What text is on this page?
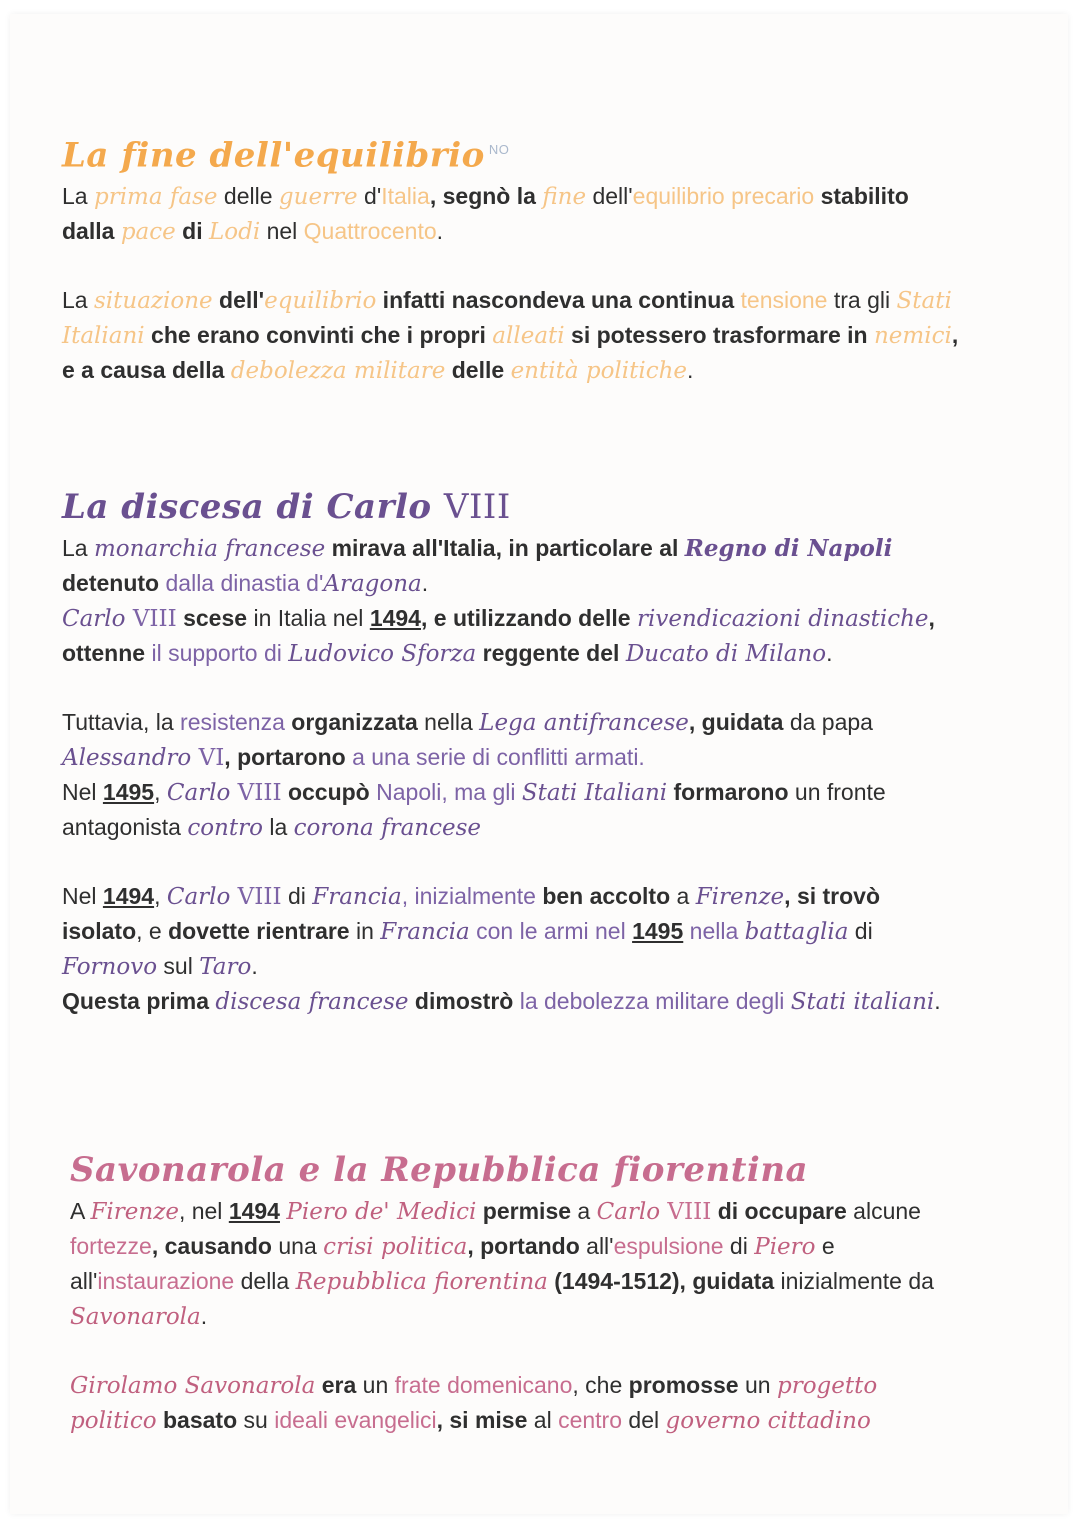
La fine dell'equilibrio $^{NO}$

La prima fase delle guerre d'Italia, segnò la fine dell'equilibrio precario stabilito dalla pace di Lodi nel Quattrocento.

La situazione dell'equilibrio infatti nascondeva una continua tensione tra gli Stati Italiani che erano convinti che i propri alleati si potessero trasformare in nemici, e a causa della debolezza militare delle entità politiche.

La discesa di Carlo VIII

La monarchia francese mirava all'Italia, in particolare al Regno di Napoli detenuto dalla dinastia d'Aragona.
Carlo VIII scese in Italia nel 1494, e utilizzando delle rivendicazioni dinastiche, ottenne il supporto di Ludovico Sforza reggente del Ducato di Milano.

Tuttavia, la resistenza organizzata nella Lega antifrancese, guidata da papa Alessandro VI, portarono a una serie di conflitti armati.
Nel 1495, Carlo VIII occupò Napoli, ma gli Stati Italiani formarono un fronte antagonista contro la corona francese

Nel 1494, Carlo VIII di Francia, inizialmente ben accolto a Firenze, si trovò isolato, e dovette rientrare in Francia con le armi nel 1495 nella battaglia di Fornovo sul Taro.
Questa prima discesa francese dimostrò la debolezza militare degli Stati italiani.

Savonarola e la Repubblica fiorentina

A Firenze, nel 1494 Piero de' Medici permise a Carlo VIII di occupare alcune fortezze, causando una crisi politica, portando all'espulsione di Piero e all'instaurazione della Repubblica fiorentina (1494-1512), guidata inizialmente da Savonarola.

Girolamo Savonarola era un frate domenicano, che promosse un progetto politico basato su ideali evangelici, si mise al centro del governo cittadino
